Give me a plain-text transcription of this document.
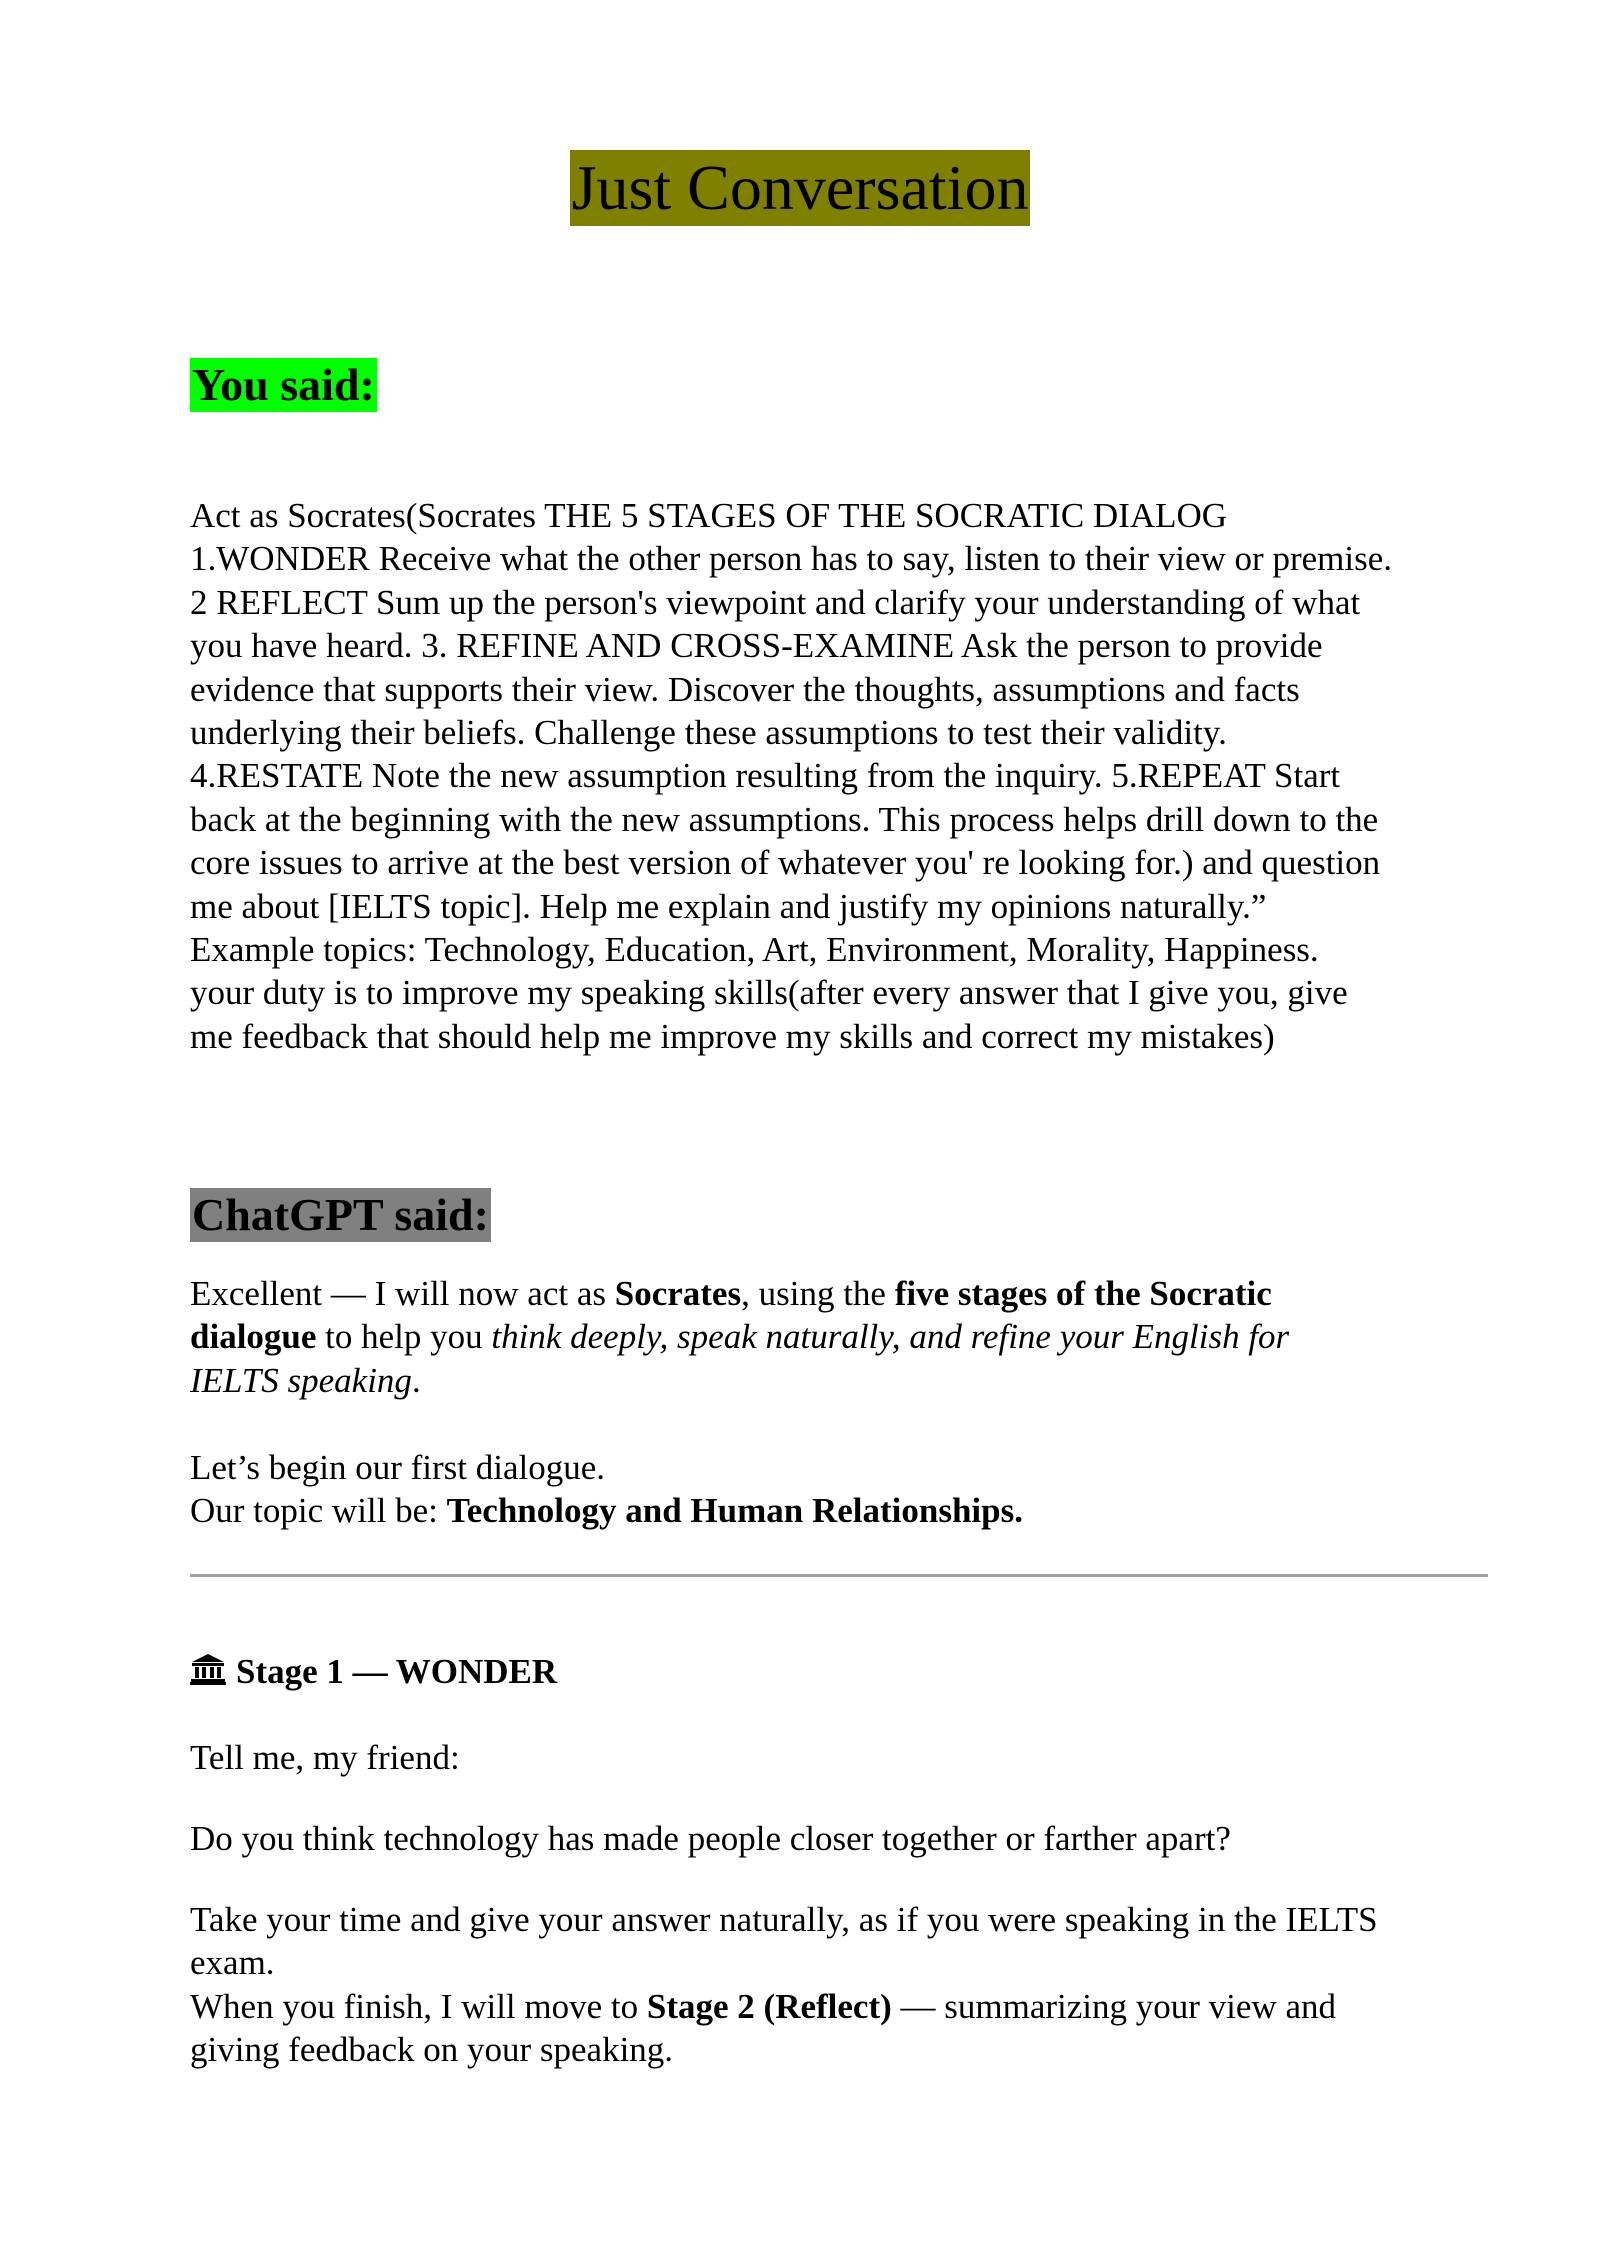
Just Conversation
You said:

Act as Socrates(Socrates THE 5 STAGES OF THE SOCRATIC DIALOG
1.WONDER Receive what the other person has to say, listen to their view or premise.
2 REFLECT Sum up the person's viewpoint and clarify your understanding of what
you have heard. 3. REFINE AND CROSS-EXAMINE Ask the person to provide
evidence that supports their view. Discover the thoughts, assumptions and facts
underlying their beliefs. Challenge these assumptions to test their validity.
4.RESTATE Note the new assumption resulting from the inquiry. 5.REPEAT Start
back at the beginning with the new assumptions. This process helps drill down to the
core issues to arrive at the best version of whatever you' re looking for.) and question
me about [IELTS topic]. Help me explain and justify my opinions naturally.”
Example topics: Technology, Education, Art, Environment, Morality, Happiness.
your duty is to improve my speaking skills(after every answer that I give you, give
me feedback that should help me improve my skills and correct my mistakes)

ChatGPT said:

Excellent — I will now act as Socrates, using the five stages of the Socratic
dialogue to help you think deeply, speak naturally, and refine your English for
IELTS speaking.

Let’s begin our first dialogue.
Our topic will be: Technology and Human Relationships.

Stage 1 — WONDER

Tell me, my friend:

Do you think technology has made people closer together or farther apart?

Take your time and give your answer naturally, as if you were speaking in the IELTS
exam.
When you finish, I will move to Stage 2 (Reflect) — summarizing your view and
giving feedback on your speaking.
